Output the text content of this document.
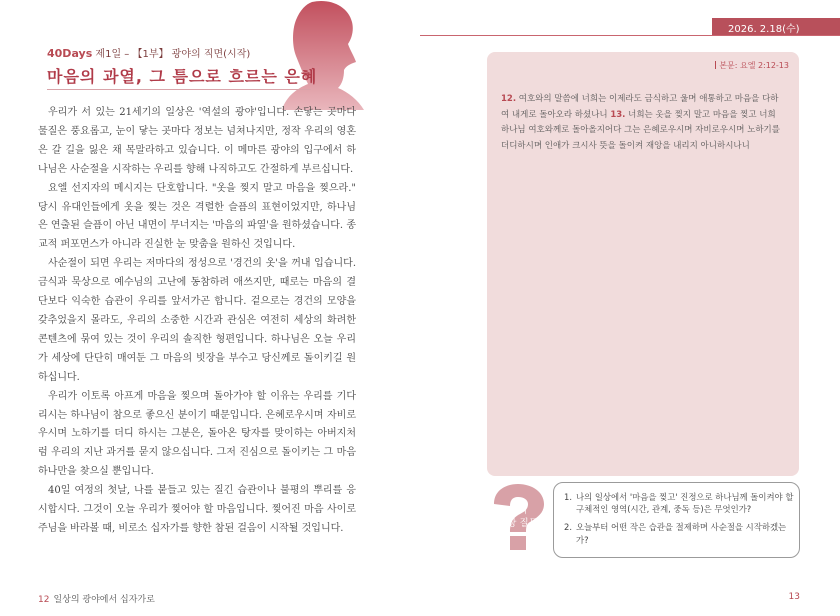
40Days 제1일 – 【1부】 광야의 직면(시작)
마음의 과열, 그 틈으로 흐르는 은혜

우리가 서 있는 21세기의 일상은 '역설의 광야'입니다. 손닿는 곳마다 물질은 풍요롭고, 눈이 닿는 곳마다 정보는 넘쳐나지만, 정작 우리의 영혼은 갈 길을 잃은 채 목말라하고 있습니다. 이 메마른 광야의 입구에서 하나님은 사순절을 시작하는 우리를 향해 나직하고도 간절하게 부르십니다.

요엘 선지자의 메시지는 단호합니다. "옷을 찢지 말고 마음을 찢으라." 당시 유대인들에게 옷을 찢는 것은 격렬한 슬픔의 표현이었지만, 하나님은 연출된 슬픔이 아닌 내면이 무너지는 '마음의 파열'을 원하셨습니다. 종교적 퍼포먼스가 아니라 진실한 눈 맞춤을 원하신 것입니다.

사순절이 되면 우리는 저마다의 정성으로 '경건의 옷'을 꺼내 입습니다. 금식과 묵상으로 예수님의 고난에 동참하려 애쓰지만, 때로는 마음의 결단보다 익숙한 습관이 우리를 앞서가곤 합니다. 겉으로는 경건의 모양을 갖추었을지 몰라도, 우리의 소중한 시간과 관심은 여전히 세상의 화려한 콘텐츠에 묶여 있는 것이 우리의 솔직한 형편입니다. 하나님은 오늘 우리가 세상에 단단히 매여둔 그 마음의 빗장을 부수고 당신께로 돌이키길 원하십니다.

우리가 이토록 아프게 마음을 찢으며 돌아가야 할 이유는 우리를 기다리시는 하나님이 참으로 좋으신 분이기 때문입니다. 은혜로우시며 자비로우시며 노하기를 더디 하시는 그분은, 돌아온 탕자를 맞이하는 아버지처럼 우리의 지난 과거를 묻지 않으십니다. 그저 진심으로 돌이키는 그 마음 하나만을 찾으실 뿐입니다.

40일 여정의 첫날, 나를 붙들고 있는 질긴 습관이나 불평의 뿌리를 응시합시다. 그것이 오늘 우리가 찢어야 할 마음입니다. 찢어진 마음 사이로 주님을 바라볼 때, 비로소 십자가를 향한 참된 걸음이 시작될 것입니다.

12 일상의 광야에서 십자가로
2026. 2.18(수)
본문: 요엘 2:12-13
12. 여호와의 말씀에 너희는 이제라도 금식하고 울며 애통하고 마음을 다하여 내게로 돌아오라 하셨나니 13. 너희는 옷을 찢지 말고 마음을 찢고 너희 하나님 여호와께로 돌아올지어다 그는 은혜로우시며 자비로우시며 노하기를 더디하시며 인애가 크시사 뜻을 돌이켜 재앙을 내리지 아니하시나니
나의
묵상 질문
1. 나의 일상에서 '마음을 찢고' 진정으로 하나님께 돌이켜야 할 구체적인 영역(시간, 관계, 중독 등)은 무엇인가?
2. 오늘부터 어떤 작은 습관을 절제하며 사순절을 시작하겠는가?
13
